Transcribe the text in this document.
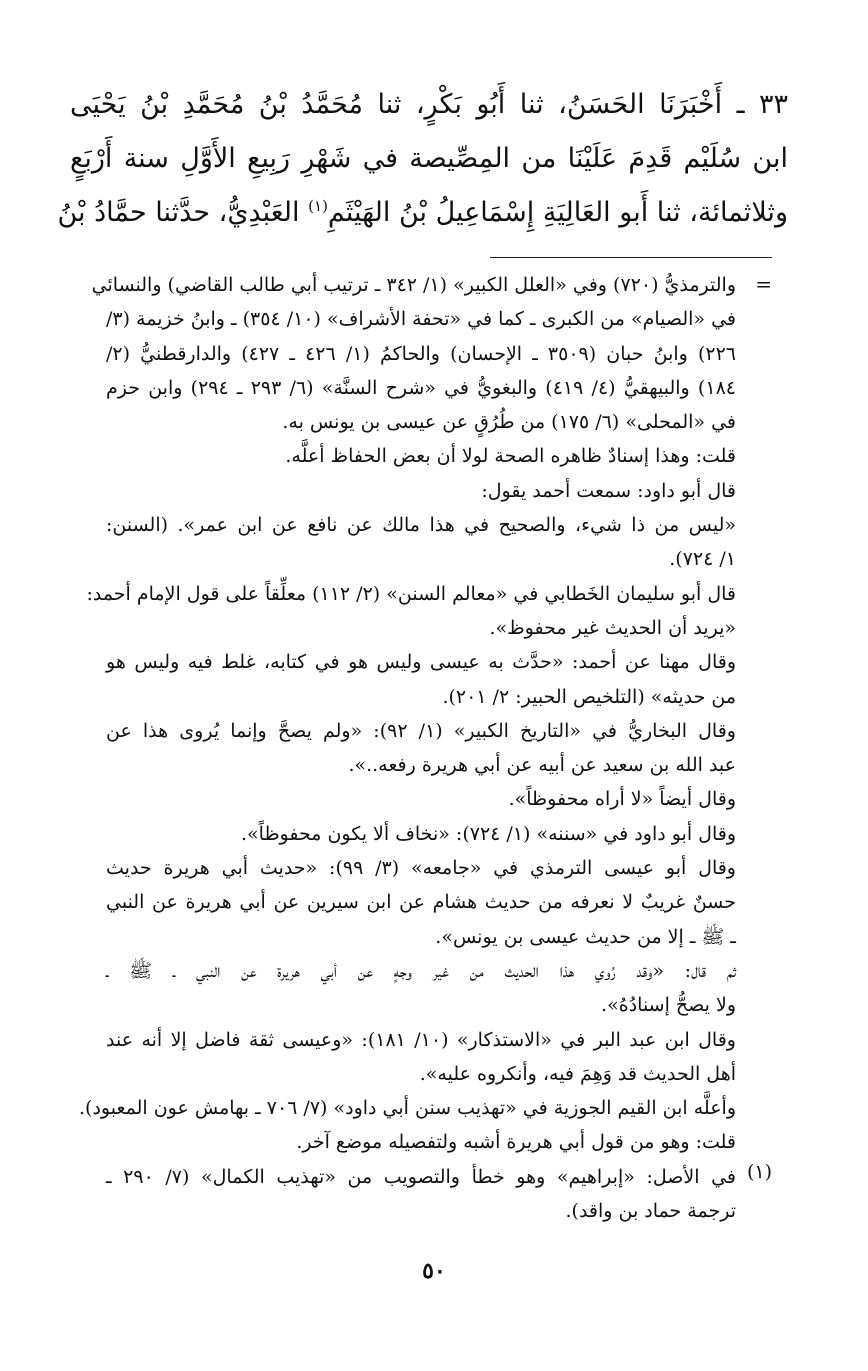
٣٣ ـ أَخْبَرَنَا الحَسَنُ، ثنا أَبُو بَكْرٍ، ثنا مُحَمَّدُ بْنُ مُحَمَّدِ بْنُ يَحْيَى
ابن سُلَيْم قَدِمَ عَلَيْنَا من المِصِّيصة في شَهْرِ رَبِيعِ الأَوَّلِ سنة أَرْبَعٍ
وثلاثمائة، ثنا أَبو العَالِيَةِ إِسْمَاعِيلُ بْنُ الهَيْثَمِ$^{(١)}$ العَبْدِيُّ، حدَّثنا حمَّادُ بْنُ
=
والترمذيُّ (٧٢٠) وفي «العلل الكبير» (١/ ٣٤٢ ـ ترتيب أبي طالب القاضي) والنسائي
في «الصيام» من الكبرى ـ كما في «تحفة الأشراف» (١٠/ ٣٥٤) ـ وابنُ خزيمة (٣/
٢٢٦) وابنُ حبان (٣٥٠٩ ـ الإحسان) والحاكمُ (١/ ٤٢٦ ـ ٤٢٧) والدارقطنيُّ (٢/
١٨٤) والبيهقيُّ (٤/ ٤١٩) والبغويُّ في «شرح السنَّة» (٦/ ٢٩٣ ـ ٢٩٤) وابن حزم
في «المحلى» (٦/ ١٧٥) من طُرُقٍ عن عيسى بن يونس به.
قلت: وهذا إسنادٌ ظاهره الصحة لولا أن بعض الحفاظ أعلَّه.
قال أبو داود: سمعت أحمد يقول:
«ليس من ذا شيء، والصحيح في هذا مالك عن نافع عن ابن عمر». (السنن:
١/ ٧٢٤).
قال أبو سليمان الخَطابي في «معالم السنن» (٢/ ١١٢) معلِّقاً على قول الإمام أحمد:
«يريد أن الحديث غير محفوظ».
وقال مهنا عن أحمد: «حدَّث به عيسى وليس هو في كتابه، غلط فيه وليس هو
من حديثه» (التلخيص الحبير: ٢/ ٢٠١).
وقال البخاريُّ في «التاريخ الكبير» (١/ ٩٢): «ولم يصحَّ وإنما يُروى هذا عن
عبد الله بن سعيد عن أبيه عن أبي هريرة رفعه..».
وقال أيضاً «لا أراه محفوظاً».
وقال أبو داود في «سننه» (١/ ٧٢٤): «نخاف ألا يكون محفوظاً».
وقال أبو عيسى الترمذي في «جامعه» (٣/ ٩٩): «حديث أبي هريرة حديث
حسنٌ غريبٌ لا نعرفه من حديث هشام عن ابن سيرين عن أبي هريرة عن النبي
ـ ﷺ ـ إلا من حديث عيسى بن يونس».
ثم قال: «وقد رُوي هذا الحديث من غير وجهٍ عن أبي هريرة عن النبي ـ ﷺ ـ
ولا يصحُّ إسنادُهُ».
وقال ابن عبد البر في «الاستذكار» (١٠/ ١٨١): «وعيسى ثقة فاضل إلا أنه عند
أهل الحديث قد وَهِمَ فيه، وأنكروه عليه».
وأعلَّه ابن القيم الجوزية في «تهذيب سنن أبي داود» (٧/ ٧٠٦ ـ بهامش عون المعبود).
قلت: وهو من قول أبي هريرة أشبه ولتفصيله موضع آخر.
في الأصل: «إبراهيم» وهو خطأ والتصويب من «تهذيب الكمال» (٧/ ٢٩٠ ـ
ترجمة حماد بن واقد).
(١)
٥٠
